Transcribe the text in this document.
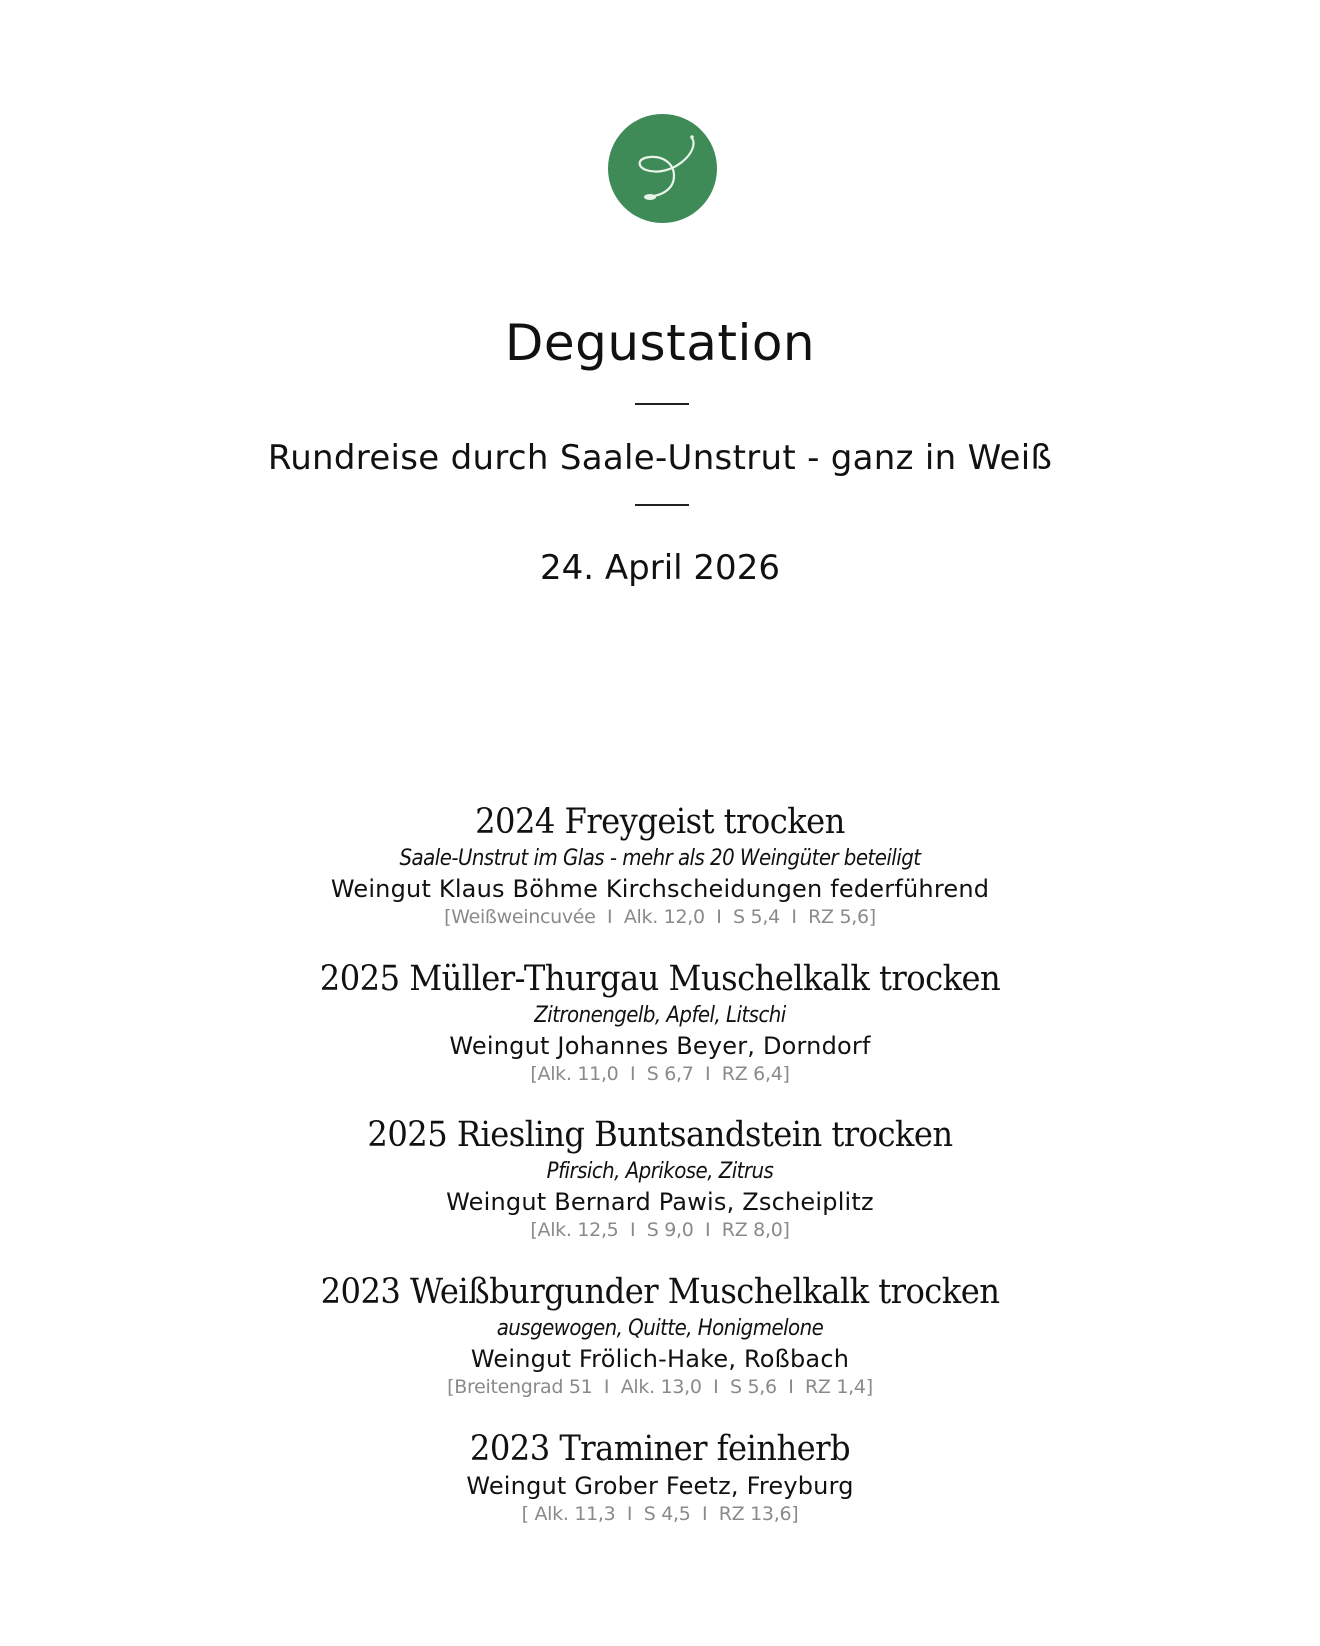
Degustation
Rundreise durch Saale-Unstrut - ganz in Weiß
24. April 2026
2024 Freygeist trocken
Saale-Unstrut im Glas - mehr als 20 Weingüter beteiligt
Weingut Klaus Böhme Kirchscheidungen federführend
[Weißweincuvée  I  Alk. 12,0  I  S 5,4  I  RZ 5,6]
2025 Müller-Thurgau Muschelkalk trocken
Zitronengelb, Apfel, Litschi
Weingut Johannes Beyer, Dorndorf
[Alk. 11,0  I  S 6,7  I  RZ 6,4]
2025 Riesling Buntsandstein trocken
Pfirsich, Aprikose, Zitrus
Weingut Bernard Pawis, Zscheiplitz
[Alk. 12,5  I  S 9,0  I  RZ 8,0]
2023 Weißburgunder Muschelkalk trocken
ausgewogen, Quitte, Honigmelone
Weingut Frölich-Hake, Roßbach
[Breitengrad 51  I  Alk. 13,0  I  S 5,6  I  RZ 1,4]
2023 Traminer feinherb
Weingut Grober Feetz, Freyburg
[ Alk. 11,3  I  S 4,5  I  RZ 13,6]
